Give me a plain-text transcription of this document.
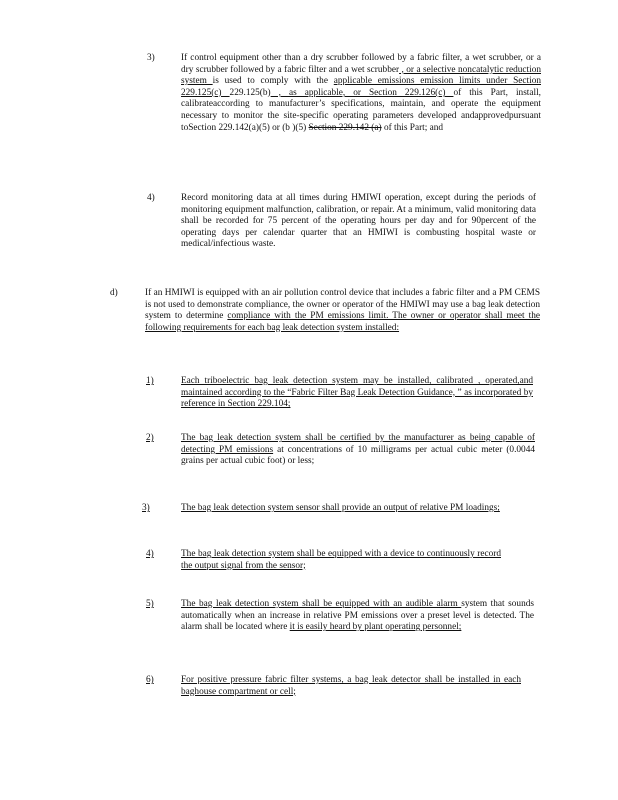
3)	If control equipment other than a dry scrubber followed by a fabric filter, a wet scrubber, or a dry scrubber followed by a fabric filter and a wet scrubber , or a selective noncatalytic reduction system is used to comply with the applicable emissions emission limits under Section 229.125(c) 229.125(b) , as applicable, or Section 229.126(c) of this Part, install, calibrateaccording to manufacturer’s specifications, maintain, and operate the equipment necessary to monitor the site-specific operating parameters developed andapprovedpursuant toSection 229.142(a)(5) or (b )(5) Section 229.142 (a) of this Part; and
4)	Record monitoring data at all times during HMIWI operation, except during the periods of monitoring equipment malfunction, calibration, or repair. At a minimum, valid monitoring data shall be recorded for 75 percent of the operating hours per day and for 90percent of the operating days per calendar quarter that an HMIWI is combusting hospital waste or medical/infectious waste.
d)	If an HMIWI is equipped with an air pollution control device that includes a fabric filter and a PM CEMS is not used to demonstrate compliance, the owner or operator of the HMIWI may use a bag leak detection system to determine compliance with the PM emissions limit. The owner or operator shall meet the following requirements for each bag leak detection system installed:
1)	Each triboelectric bag leak detection system may be installed, calibrated , operated,and maintained according to the “Fabric Filter Bag Leak Detection Guidance, ” as incorporated by reference in Section 229.104;
2)	The bag leak detection system shall be certified by the manufacturer as being capable of detecting PM emissions at concentrations of 10 milligrams per actual cubic meter (0.0044 grains per actual cubic foot) or less;
3)	The bag leak detection system sensor shall provide an output of relative PM loadings;
4)	The bag leak detection system shall be equipped with a device to continuously record the output signal from the sensor;
5)	The bag leak detection system shall be equipped with an audible alarm system that sounds automatically when an increase in relative PM emissions over a preset level is detected. The alarm shall be located where it is easily heard by plant operating personnel;
6)	For positive pressure fabric filter systems, a bag leak detector shall be installed in each baghouse compartment or cell;
